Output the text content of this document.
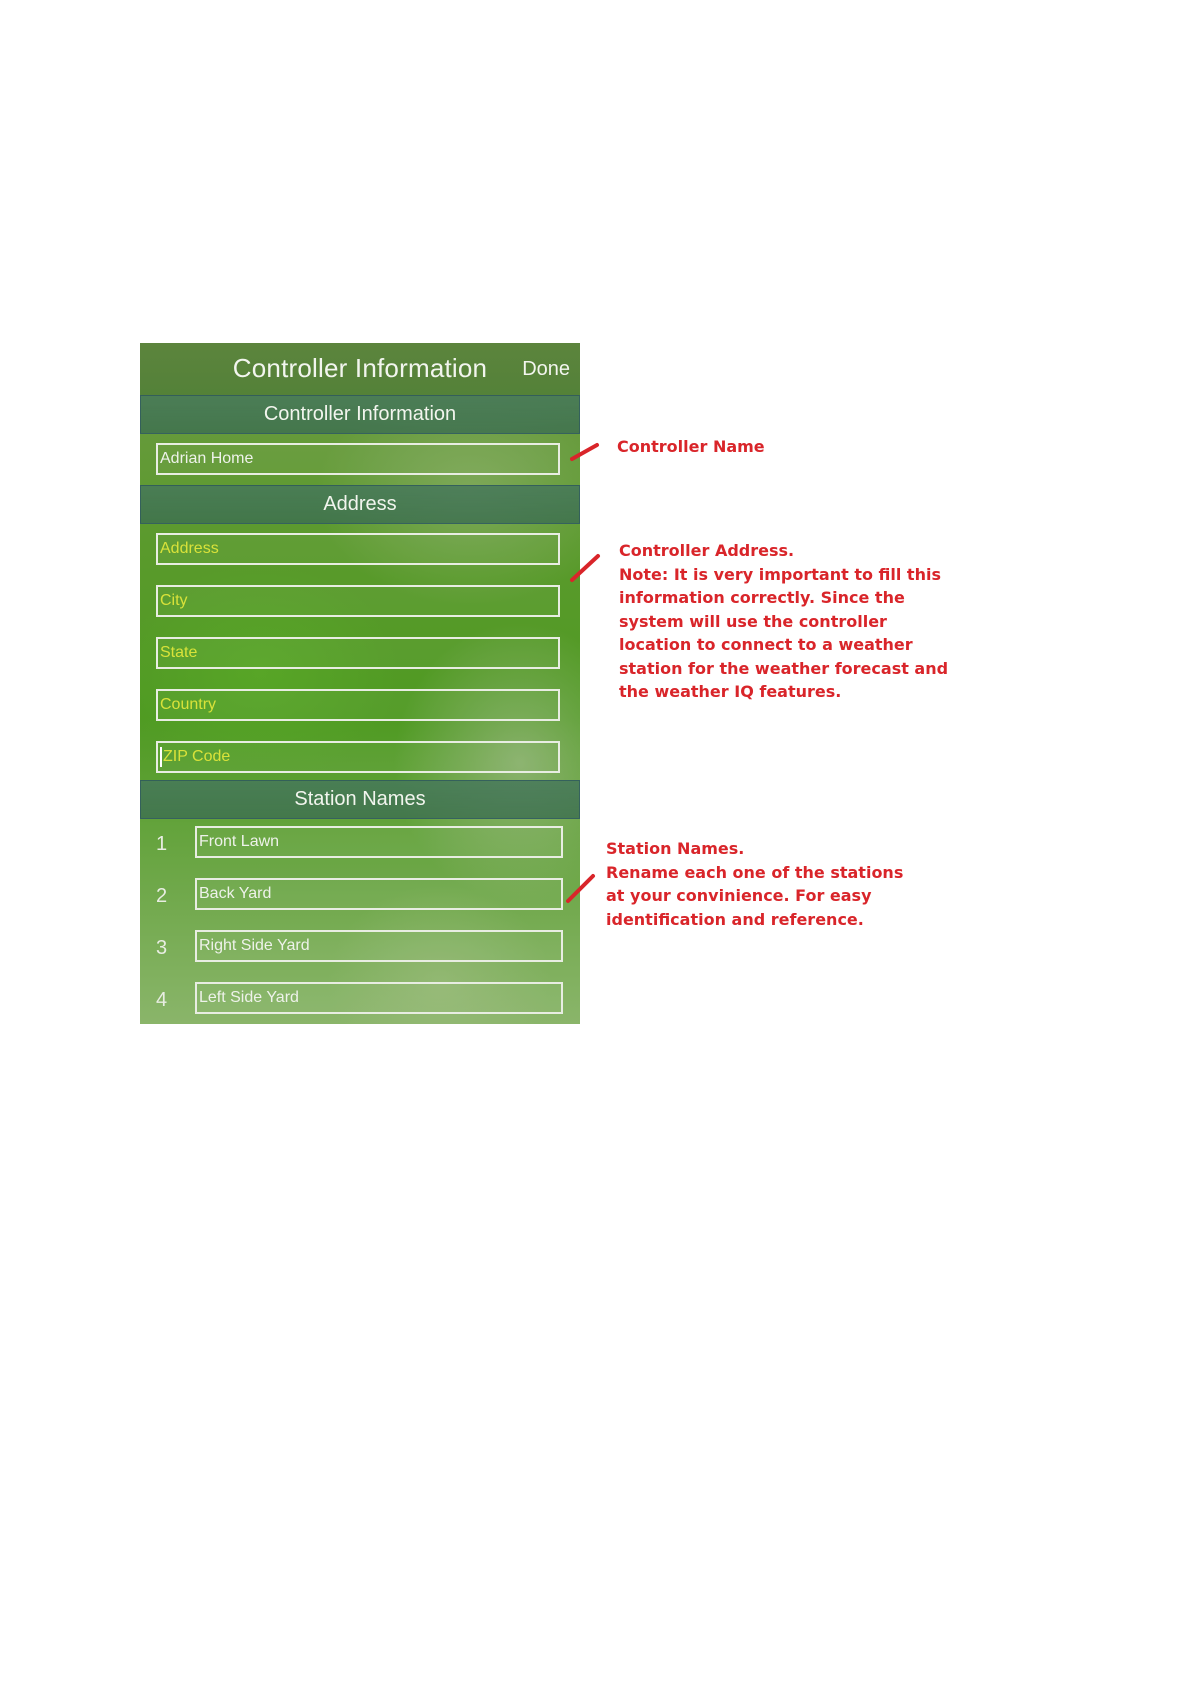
Controller Information	Done
Controller Information
Adrian Home
Address
Address
City
State
Country
ZIP Code
Station Names
1 Front Lawn
2 Back Yard
3 Right Side Yard
4 Left Side Yard
Controller Name
Controller Address.
Note: It is very important to fill this
information correctly. Since the
system will use the controller
location to connect to a weather
station for the weather forecast and
the weather IQ features.
Station Names.
Rename each one of the stations
at your convinience. For easy
identification and reference.
